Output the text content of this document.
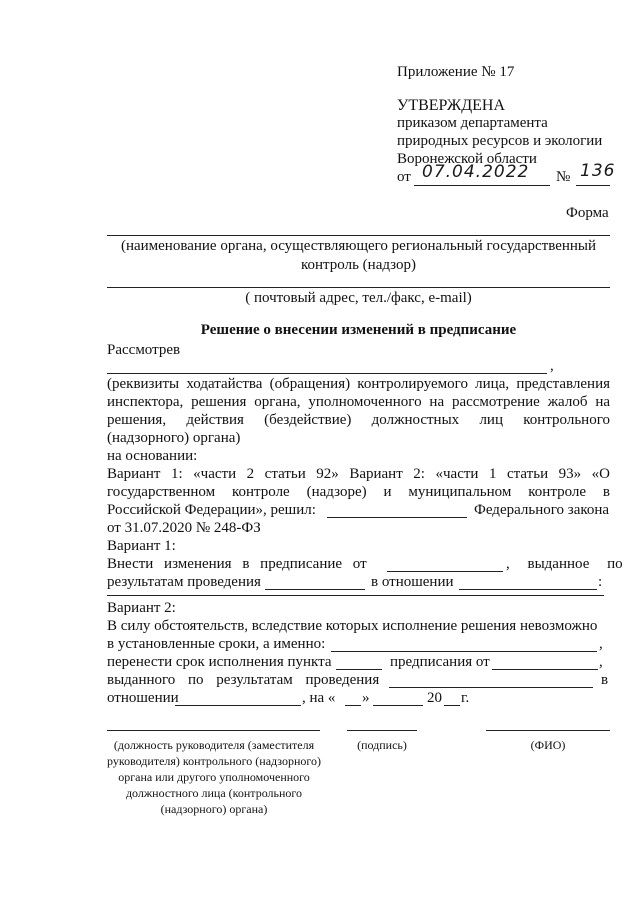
Приложение № 17
УТВЕРЖДЕНА
приказом департамента
природных ресурсов и экологии
Воронежской области
от 07.04.2022 № 136
Форма
(наименование органа, осуществляющего региональный государственный контроль (надзор)
( почтовый адрес, тел./факс, e-mail)
Решение о внесении изменений в предписание
Рассмотрев
,
(реквизиты ходатайства (обращения) контролируемого лица, представления
инспектора, решения органа, уполномоченного на рассмотрение жалоб на
решения, действия (бездействие) должностных лиц контрольного
(надзорного) органа)
на основании:
Вариант 1: «части 2 статьи 92» Вариант 2: «части 1 статьи 93» «О
государственном контроле (надзоре) и муниципальном контроле в
Российской Федерации», решил:	Федерального закона
от 31.07.2020 № 248-ФЗ
Вариант 1:
Внести изменения в предписание от	, выданное по
результатам проведения	в отношении	:
Вариант 2:
В силу обстоятельств, вследствие которых исполнение решения невозможно
в установленные сроки, а именно:	,
перенести срок исполнения пункта	предписания от	,
выданного по результатам проведения	в
отношении	, на « »	20 г.
(должность руководителя (заместителя руководителя) контрольного (надзорного) органа или другого уполномоченного должностного лица (контрольного (надзорного) органа)
(подпись)	(ФИО)
